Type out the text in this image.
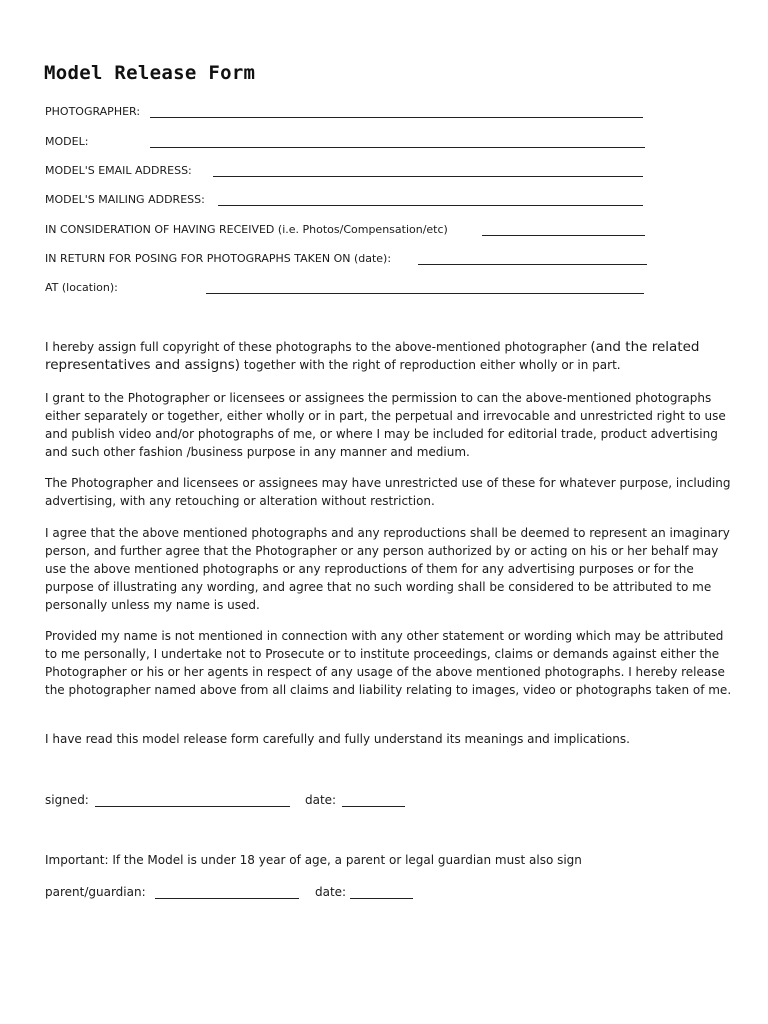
Model Release Form
PHOTOGRAPHER:
MODEL:
MODEL'S EMAIL ADDRESS:
MODEL'S MAILING ADDRESS:
IN CONSIDERATION OF HAVING RECEIVED (i.e. Photos/Compensation/etc)
IN RETURN FOR POSING FOR PHOTOGRAPHS TAKEN ON (date):
AT (location):

I hereby assign full copyright of these photographs to the above-mentioned photographer (and the related representatives and assigns) together with the right of reproduction either wholly or in part.

I grant to the Photographer or licensees or assignees the permission to can the above-mentioned photographs either separately or together, either wholly or in part, the perpetual and irrevocable and unrestricted right to use and publish video and/or photographs of me, or where I may be included for editorial trade, product advertising and such other fashion /business purpose in any manner and medium.

The Photographer and licensees or assignees may have unrestricted use of these for whatever purpose, including advertising, with any retouching or alteration without restriction.

I agree that the above mentioned photographs and any reproductions shall be deemed to represent an imaginary person, and further agree that the Photographer or any person authorized by or acting on his or her behalf may use the above mentioned photographs or any reproductions of them for any advertising purposes or for the purpose of illustrating any wording, and agree that no such wording shall be considered to be attributed to me personally unless my name is used.

Provided my name is not mentioned in connection with any other statement or wording which may be attributed to me personally, I undertake not to Prosecute or to institute proceedings, claims or demands against either the Photographer or his or her agents in respect of any usage of the above mentioned photographs. I hereby release the photographer named above from all claims and liability relating to images, video or photographs taken of me.

I have read this model release form carefully and fully understand its meanings and implications.

signed:	date:
Important: If the Model is under 18 year of age, a parent or legal guardian must also sign
parent/guardian:	date:
